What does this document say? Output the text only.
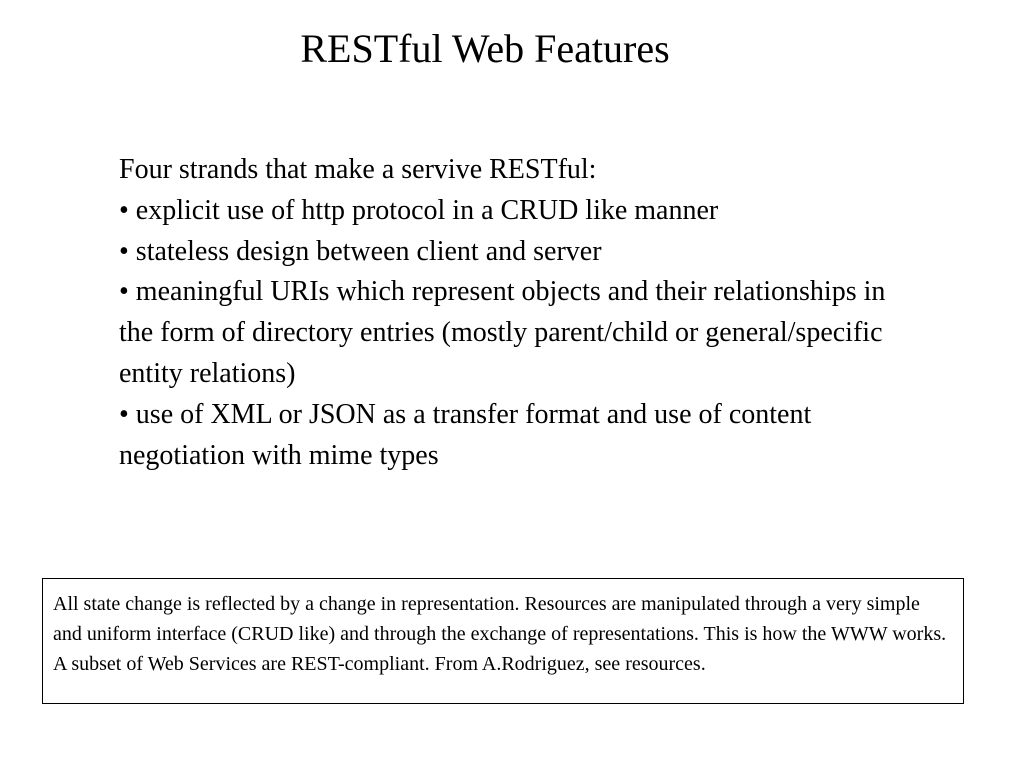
RESTful Web Features

Four strands that make a servive RESTful:

• explicit use of http protocol in a CRUD like manner

• stateless design between client and server

• meaningful URIs which represent objects and their relationships in the form of directory entries (mostly parent/child or general/specific entity relations)

• use of XML or JSON as a transfer format and use of content negotiation with mime types

All state change is reflected by a change in representation. Resources are manipulated through a very simple and uniform interface (CRUD like) and through the exchange of representations. This is how the WWW works. A subset of Web Services are REST-compliant. From A.Rodriguez, see resources.
